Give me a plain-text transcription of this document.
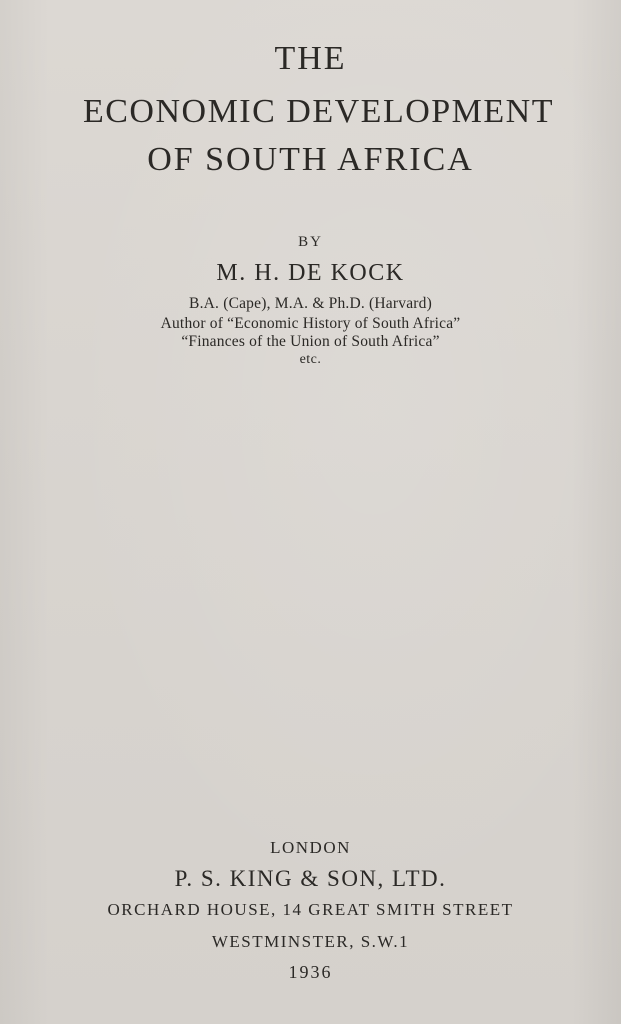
THE
ECONOMIC DEVELOPMENT
OF SOUTH AFRICA
BY
M. H. DE KOCK
B.A. (Cape), M.A. & Ph.D. (Harvard)
Author of “Economic History of South Africa”
“Finances of the Union of South Africa”
etc.
LONDON
P. S. KING & SON, LTD.
ORCHARD HOUSE, 14 GREAT SMITH STREET
WESTMINSTER, S.W.1
1936
